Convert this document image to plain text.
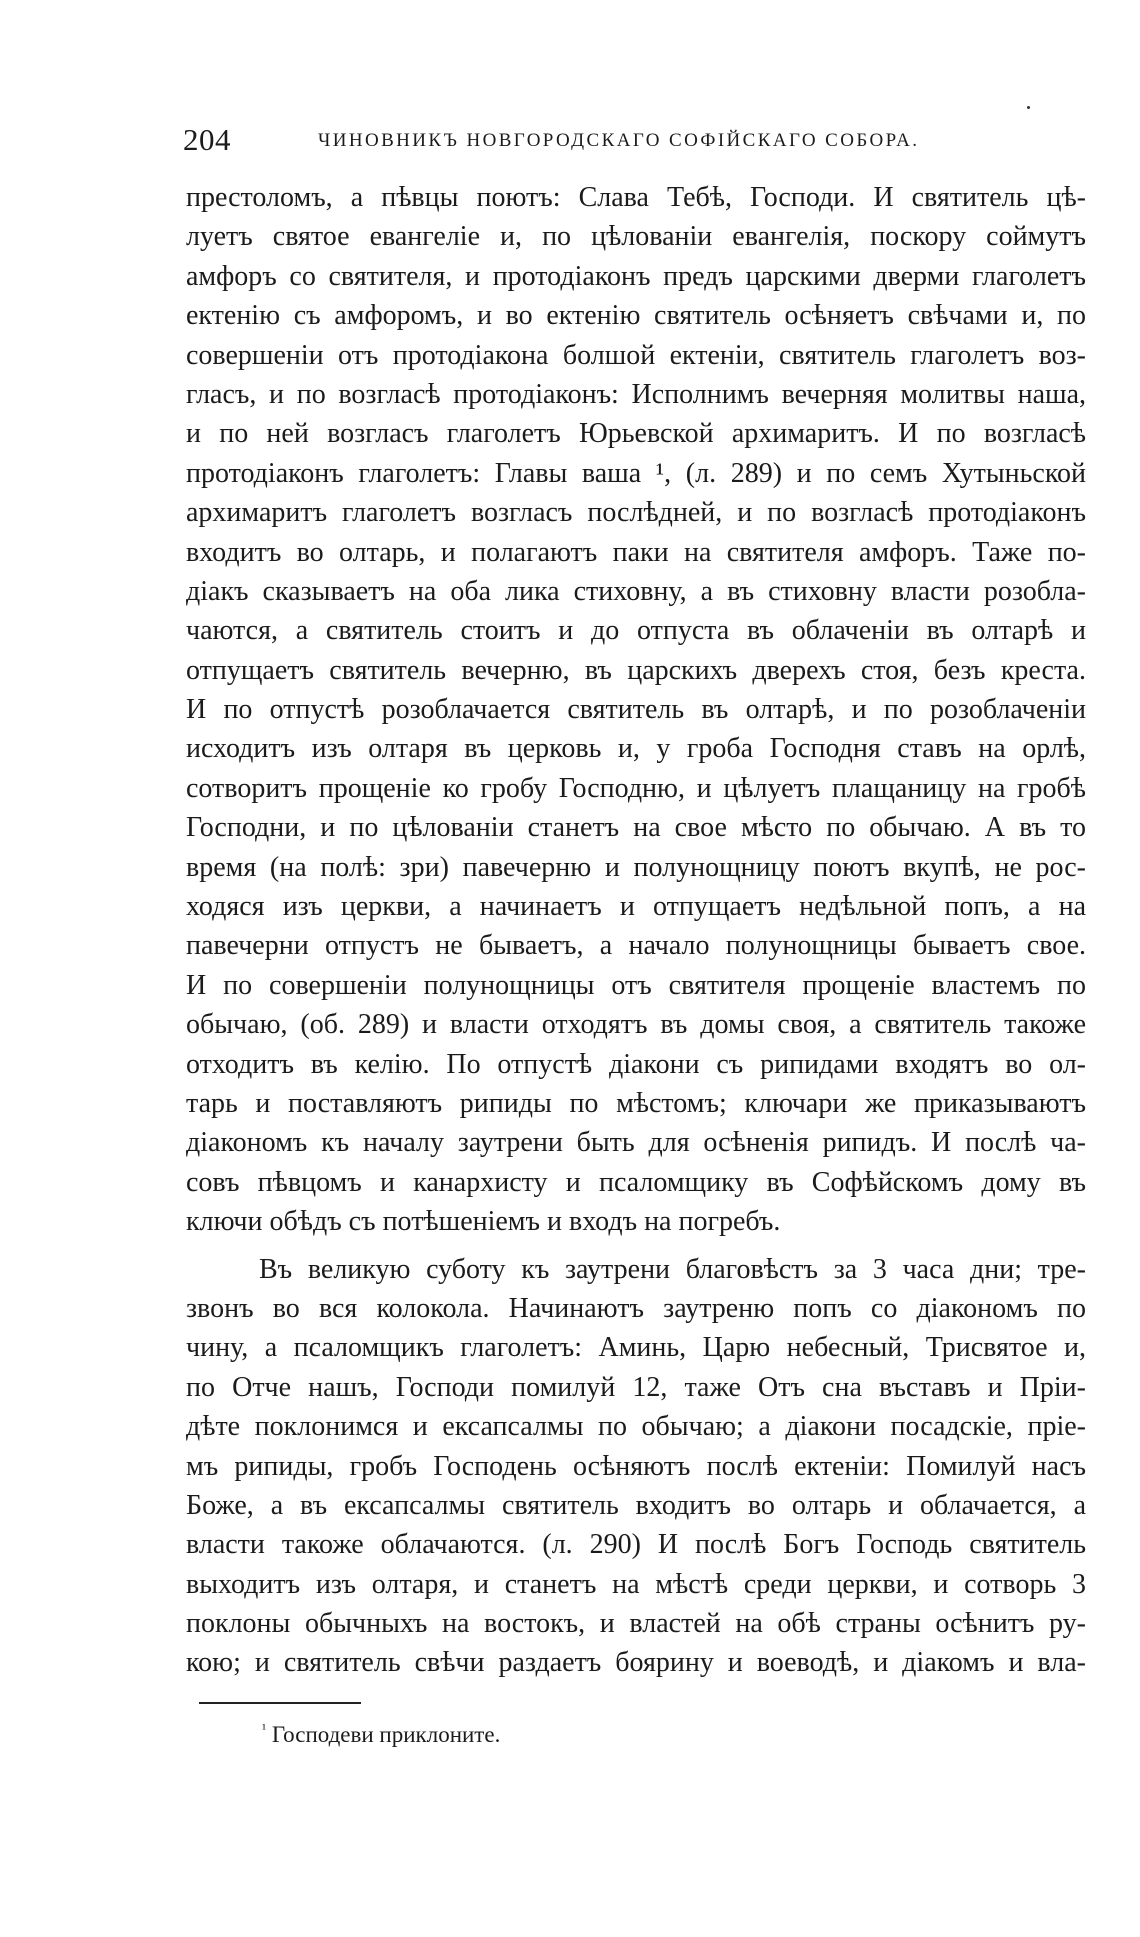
204	ЧИНОВНИКЪ НОВГОРОДСКАГО СОФІЙСКАГО СОБОРА.
престоломъ, а пѣвцы поютъ: Слава Тебѣ, Господи. И святитель цѣ-
луетъ святое евангеліе и, по цѣлованіи евангелія, поскору соймутъ
амфоръ со святителя, и протодіаконъ предъ царскими дверми глаголетъ
ектенію съ амфоромъ, и во ектенію святитель осѣняетъ свѣчами и, по
совершеніи отъ протодіакона болшой ектеніи, святитель глаголетъ воз-
гласъ, и по возгласѣ протодіаконъ: Исполнимъ вечерняя молитвы наша,
и по ней возгласъ глаголетъ Юрьевской архимаритъ. И по возгласѣ
протодіаконъ глаголетъ: Главы ваша ¹, (л. 289) и по семъ Хутыньской
архимаритъ глаголетъ возгласъ послѣдней, и по возгласѣ протодіаконъ
входитъ во олтарь, и полагаютъ паки на святителя амфоръ. Таже по-
діакъ сказываетъ на оба лика стиховну, а въ стиховну власти розобла-
чаются, а святитель стоитъ и до отпуста въ облаченіи въ олтарѣ и
отпущаетъ святитель вечерню, въ царскихъ дверехъ стоя, безъ креста.
И по отпустѣ розоблачается святитель въ олтарѣ, и по розоблаченіи
исходитъ изъ олтаря въ церковь и, у гроба Господня ставъ на орлѣ,
сотворитъ прощеніе ко гробу Господню, и цѣлуетъ плащаницу на гробѣ
Господни, и по цѣлованіи станетъ на свое мѣсто по обычаю. А въ то
время (на полѣ: зри) павечерню и полунощницу поютъ вкупѣ, не рос-
ходяся изъ церкви, а начинаетъ и отпущаетъ недѣльной попъ, а на
павечерни отпустъ не бываетъ, а начало полунощницы бываетъ свое.
И по совершеніи полунощницы отъ святителя прощеніе властемъ по
обычаю, (об. 289) и власти отходятъ въ домы своя, а святитель такоже
отходитъ въ келію. По отпустѣ діакони съ рипидами входятъ во ол-
тарь и поставляютъ рипиды по мѣстомъ; ключари же приказываютъ
діакономъ къ началу заутрени быть для осѣненія рипидъ. И послѣ ча-
совъ пѣвцомъ и канархисту и псаломщику въ Софѣйскомъ дому въ
ключи обѣдъ съ потѣшеніемъ и входъ на погребъ.
Въ великую суботу къ заутрени благовѣстъ за 3 часа дни; тре-
звонъ во вся колокола. Начинаютъ заутреню попъ со діакономъ по
чину, а псаломщикъ глаголетъ: Аминь, Царю небесный, Трисвятое и,
по Отче нашъ, Господи помилуй 12, таже Отъ сна въставъ и Пріи-
дѣте поклонимся и ексапсалмы по обычаю; а діакони посадскіе, пріе-
мъ рипиды, гробъ Господень осѣняютъ послѣ ектеніи: Помилуй насъ
Боже, а въ ексапсалмы святитель входитъ во олтарь и облачается, а
власти такоже облачаются. (л. 290) И послѣ Богъ Господь святитель
выходитъ изъ олтаря, и станетъ на мѣстѣ среди церкви, и сотворь 3
поклоны обычныхъ на востокъ, и властей на обѣ страны осѣнитъ ру-
кою; и святитель свѣчи раздаетъ боярину и воеводѣ, и діакомъ и вла-
$^{^1}$ Господеви приклоните.
